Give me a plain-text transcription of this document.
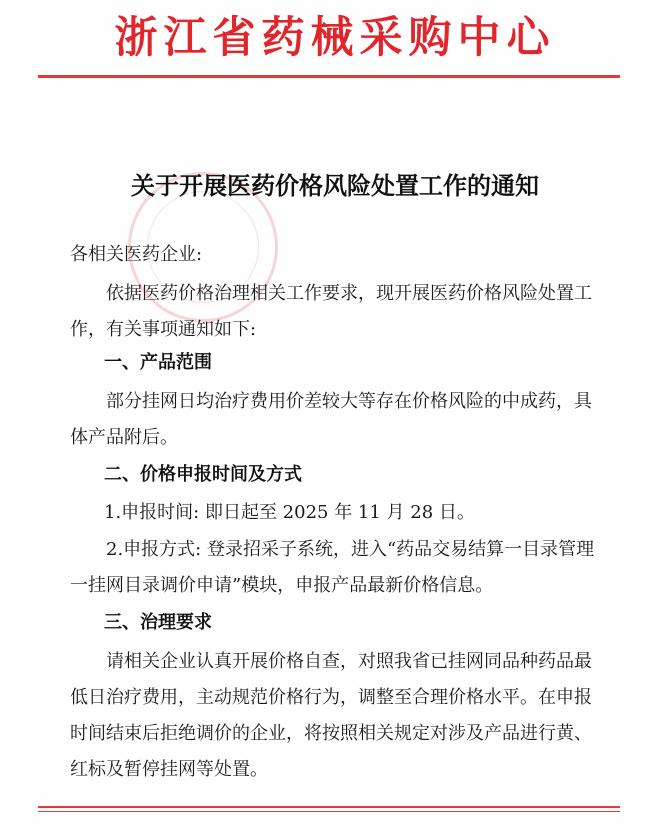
浙江省药械采购中心
关于开展医药价格风险处置工作的通知
各相关医药企业:

依据医药价格治理相关工作要求，现开展医药价格风险处置工作，有关事项通知如下:

一、产品范围

部分挂网日均治疗费用价差较大等存在价格风险的中成药，具体产品附后。

二、价格申报时间及方式
1.申报时间: 即日起至 2025 年 11 月 28 日。

2.申报方式: 登录招采子系统，进入“药品交易结算一目录管理一挂网目录调价申请”模块，申报产品最新价格信息。

三、治理要求

请相关企业认真开展价格自查，对照我省已挂网同品种药品最低日治疗费用，主动规范价格行为，调整至合理价格水平。在申报时间结束后拒绝调价的企业，将按照相关规定对涉及产品进行黄、红标及暂停挂网等处置。
